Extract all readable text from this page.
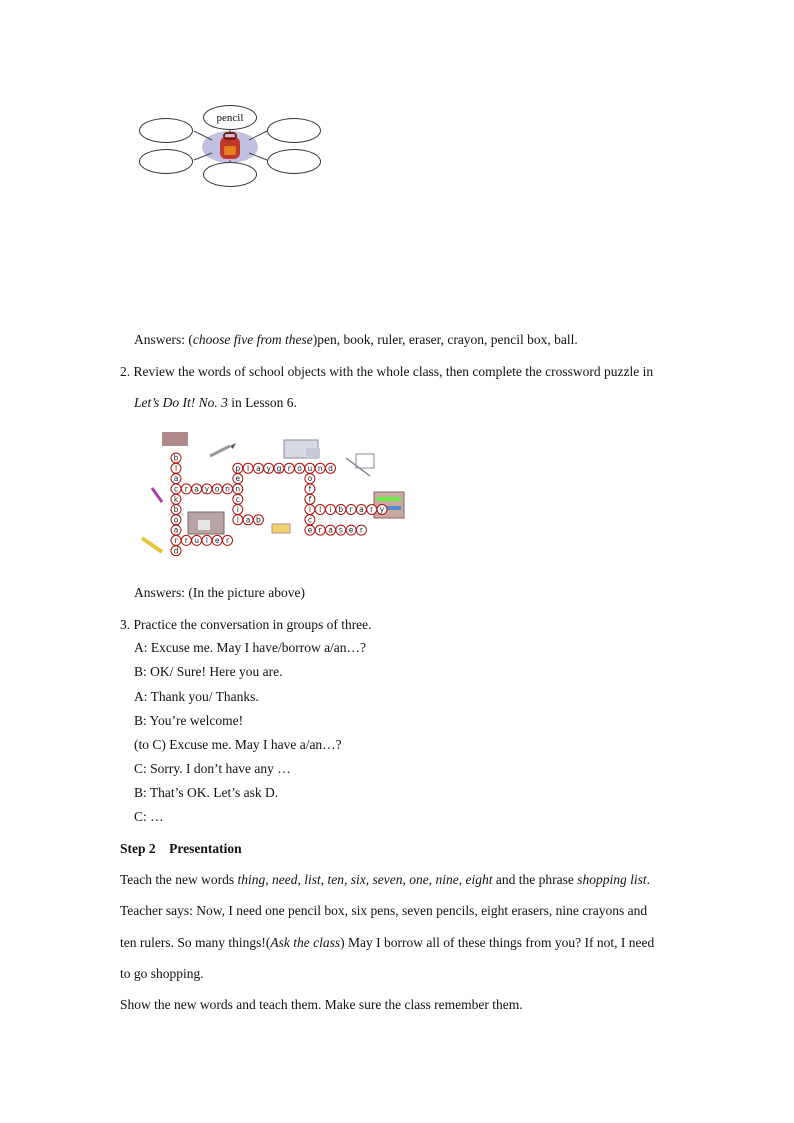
pencil
Answers: (choose five from these)pen, book, ruler, eraser, crayon, pencil box, ball.
2. Review the words of school objects with the whole class, then complete the crossword puzzle in
Let’s Do It! No. 3 in Lesson 6.
b
l
a
c
k
b
o
a
r
d
r u l e r
r a y o n
p
e
n
c
i
l
l a y g r o u n d
a b
o
f
f
i
c
e
l i b r a r y
r a s e r
Answers: (In the picture above)
3. Practice the conversation in groups of three.
A: Excuse me. May I have/borrow a/an…?
B: OK/ Sure! Here you are.
A: Thank you/ Thanks.
B: You’re welcome!
(to C) Excuse me. May I have a/an…?
C: Sorry. I don’t have any …
B: That’s OK. Let’s ask D.
C: …
Step 2    Presentation
Teach the new words thing, need, list, ten, six, seven, one, nine, eight and the phrase shopping list.
Teacher says: Now, I need one pencil box, six pens, seven pencils, eight erasers, nine crayons and
ten rulers. So many things!(Ask the class) May I borrow all of these things from you? If not, I need
to go shopping.
Show the new words and teach them. Make sure the class remember them.
